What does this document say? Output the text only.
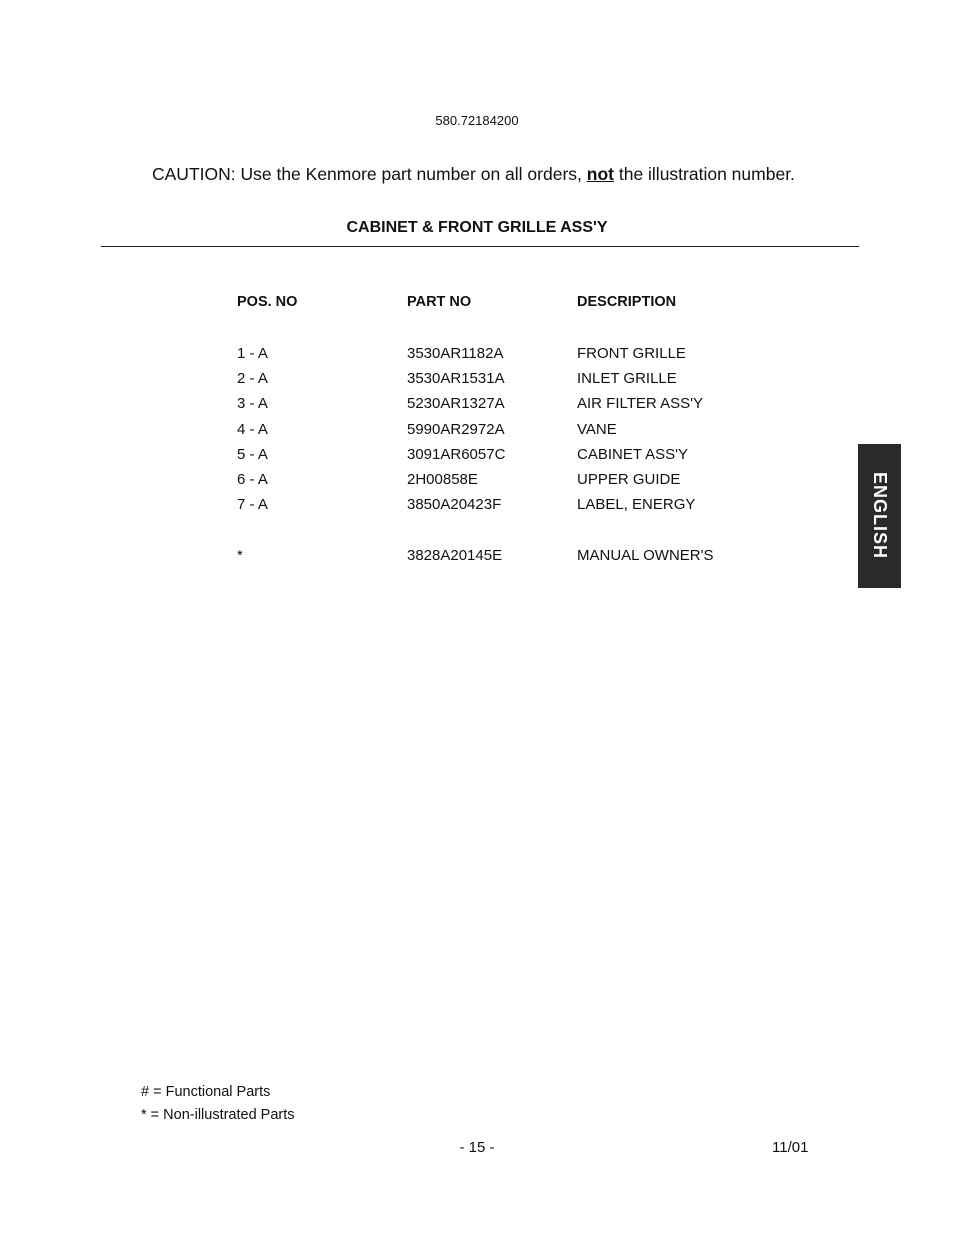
580.72184200
CAUTION: Use the Kenmore part number on all orders, not the illustration number.
CABINET & FRONT GRILLE ASS'Y
POS. NO	PART NO	DESCRIPTION
1 - A	3530AR1182A	FRONT GRILLE
2 - A	3530AR1531A	INLET GRILLE
3 - A	5230AR1327A	AIR FILTER ASS'Y
4 - A	5990AR2972A	VANE
5 - A	3091AR6057C	CABINET ASS'Y
6 - A	2H00858E	UPPER GUIDE
7 - A	3850A20423F	LABEL, ENERGY
*	3828A20145E	MANUAL OWNER'S	ENGLISH
# = Functional Parts
* = Non-illustrated Parts
- 15 -	11/01
